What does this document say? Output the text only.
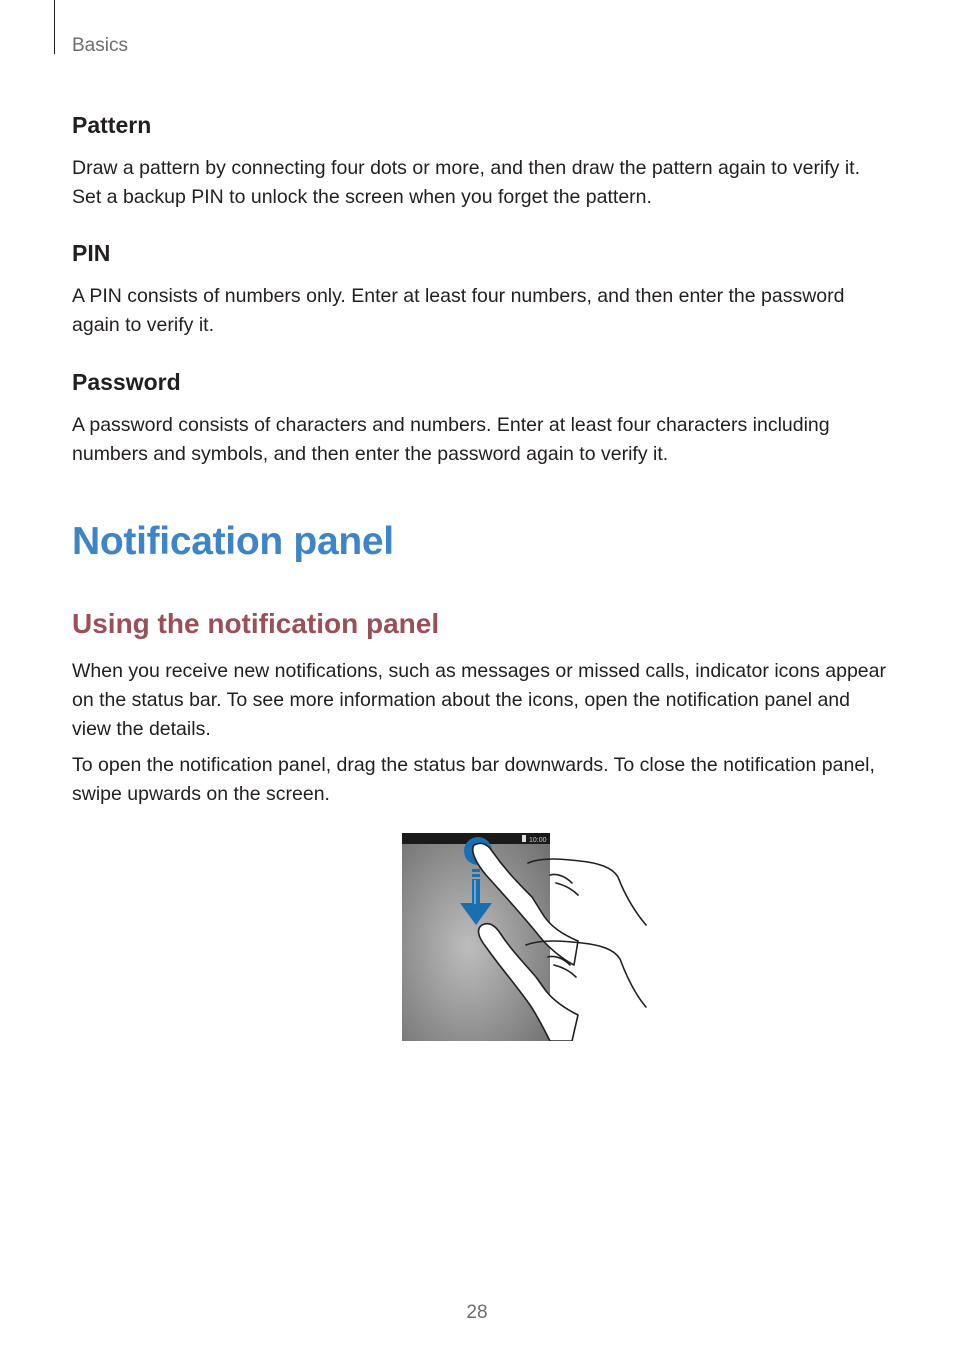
Basics
Pattern

Draw a pattern by connecting four dots or more, and then draw the pattern again to verify it.
Set a backup PIN to unlock the screen when you forget the pattern.

PIN

A PIN consists of numbers only. Enter at least four numbers, and then enter the password
again to verify it.

Password

A password consists of characters and numbers. Enter at least four characters including
numbers and symbols, and then enter the password again to verify it.

Notification panel
Using the notification panel

When you receive new notifications, such as messages or missed calls, indicator icons appear
on the status bar. To see more information about the icons, open the notification panel and
view the details.

To open the notification panel, drag the status bar downwards. To close the notification panel,
swipe upwards on the screen.

10:00
28
